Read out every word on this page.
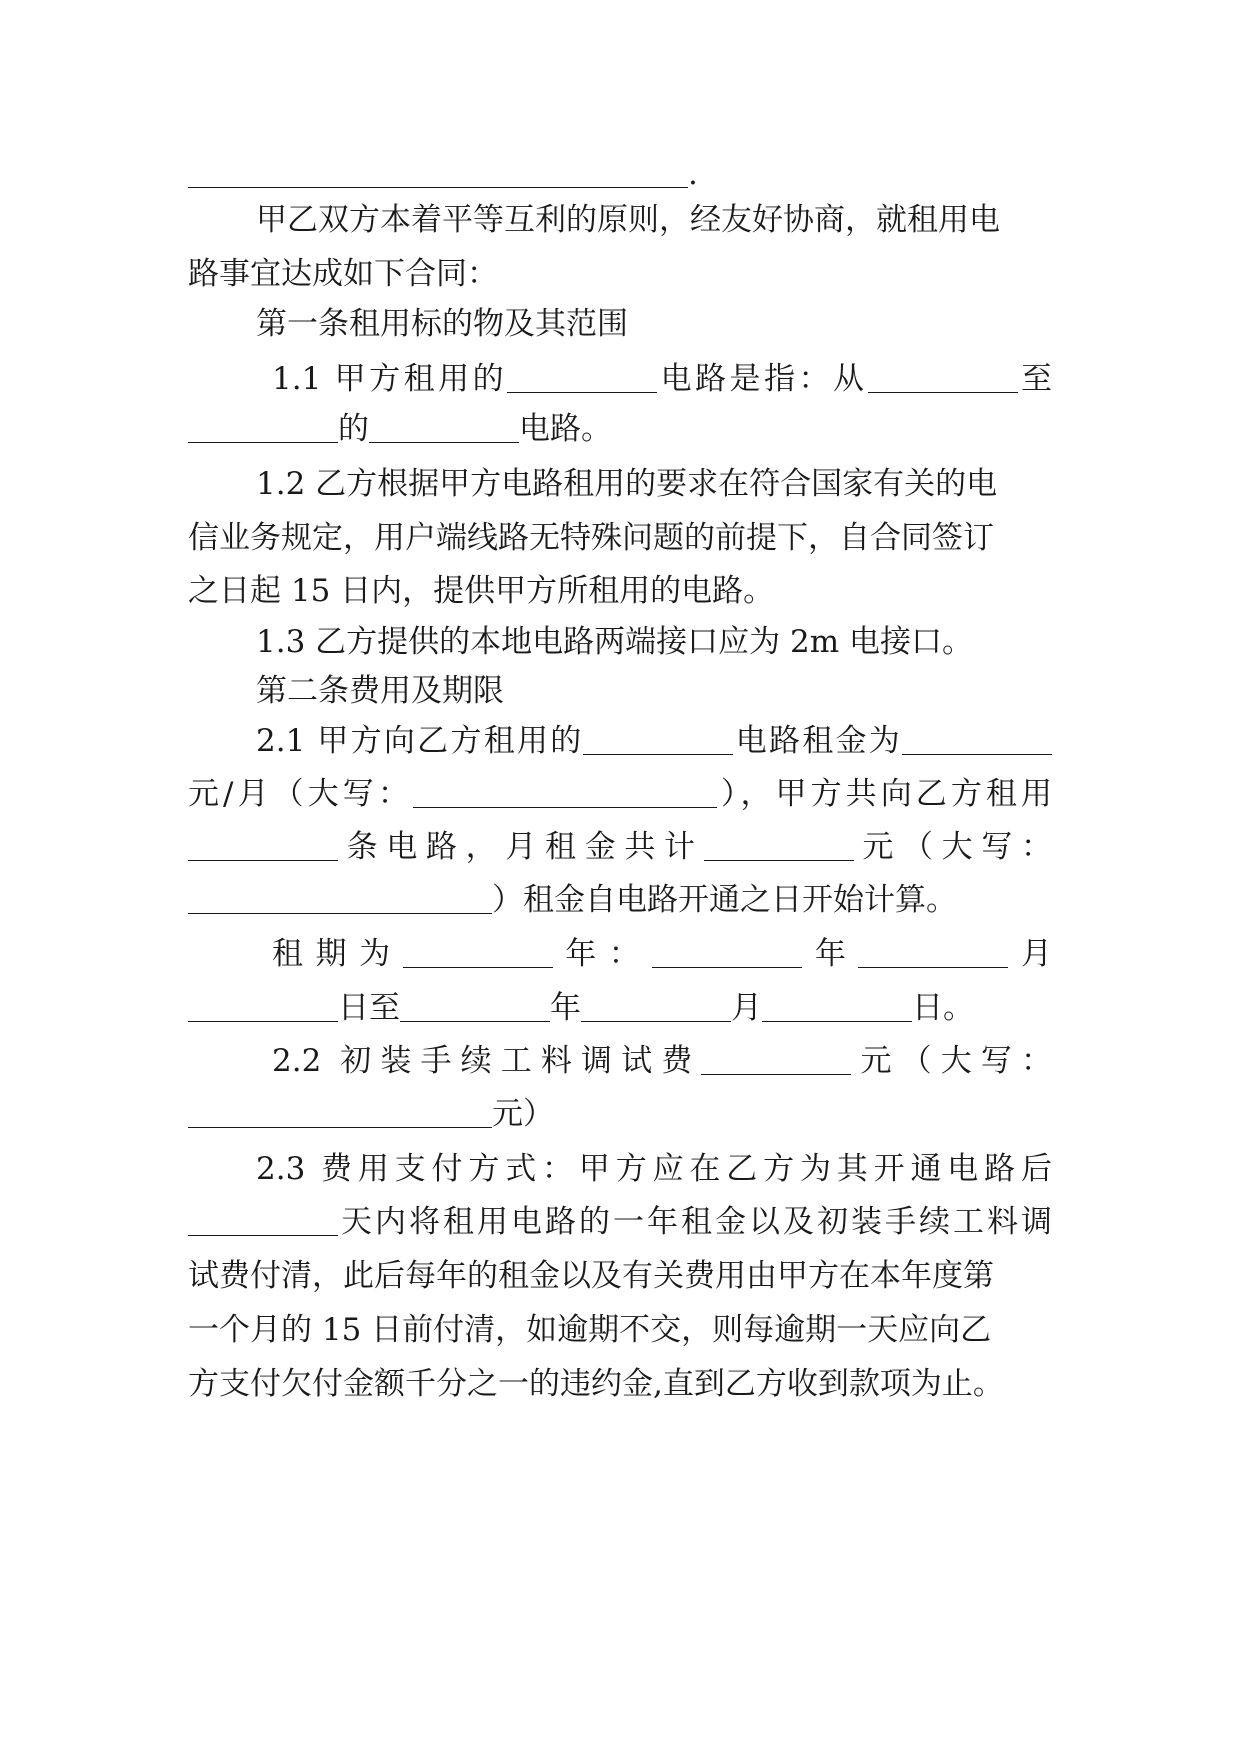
.
甲乙双方本着平等互利的原则，经友好协商，就租用电
路事宜达成如下合同：
第一条租用标的物及其范围
1.1 甲方租用的	电路是指：从	至
的	电路。
1.2 乙方根据甲方电路租用的要求在符合国家有关的电
信业务规定，用户端线路无特殊问题的前提下，自合同签订
之日起 15 日内，提供甲方所租用的电路。
1.3 乙方提供的本地电路两端接口应为 2m 电接口。
第二条费用及期限
2.1 甲方向乙方租用的	电路租金为
元/月（大写：	），甲方共向乙方租用
条电路，月租金共计	元（大写：
）租金自电路开通之日开始计算。
租期为	年：	年	月
日至	年	月	日。
2.2 初装手续工料调试费	元（大写：
元）
2.3 费用支付方式：甲方应在乙方为其开通电路后
天内将租用电路的一年租金以及初装手续工料调
试费付清，此后每年的租金以及有关费用由甲方在本年度第
一个月的 15 日前付清，如逾期不交，则每逾期一天应向乙
方支付欠付金额千分之一的违约金,直到乙方收到款项为止。
